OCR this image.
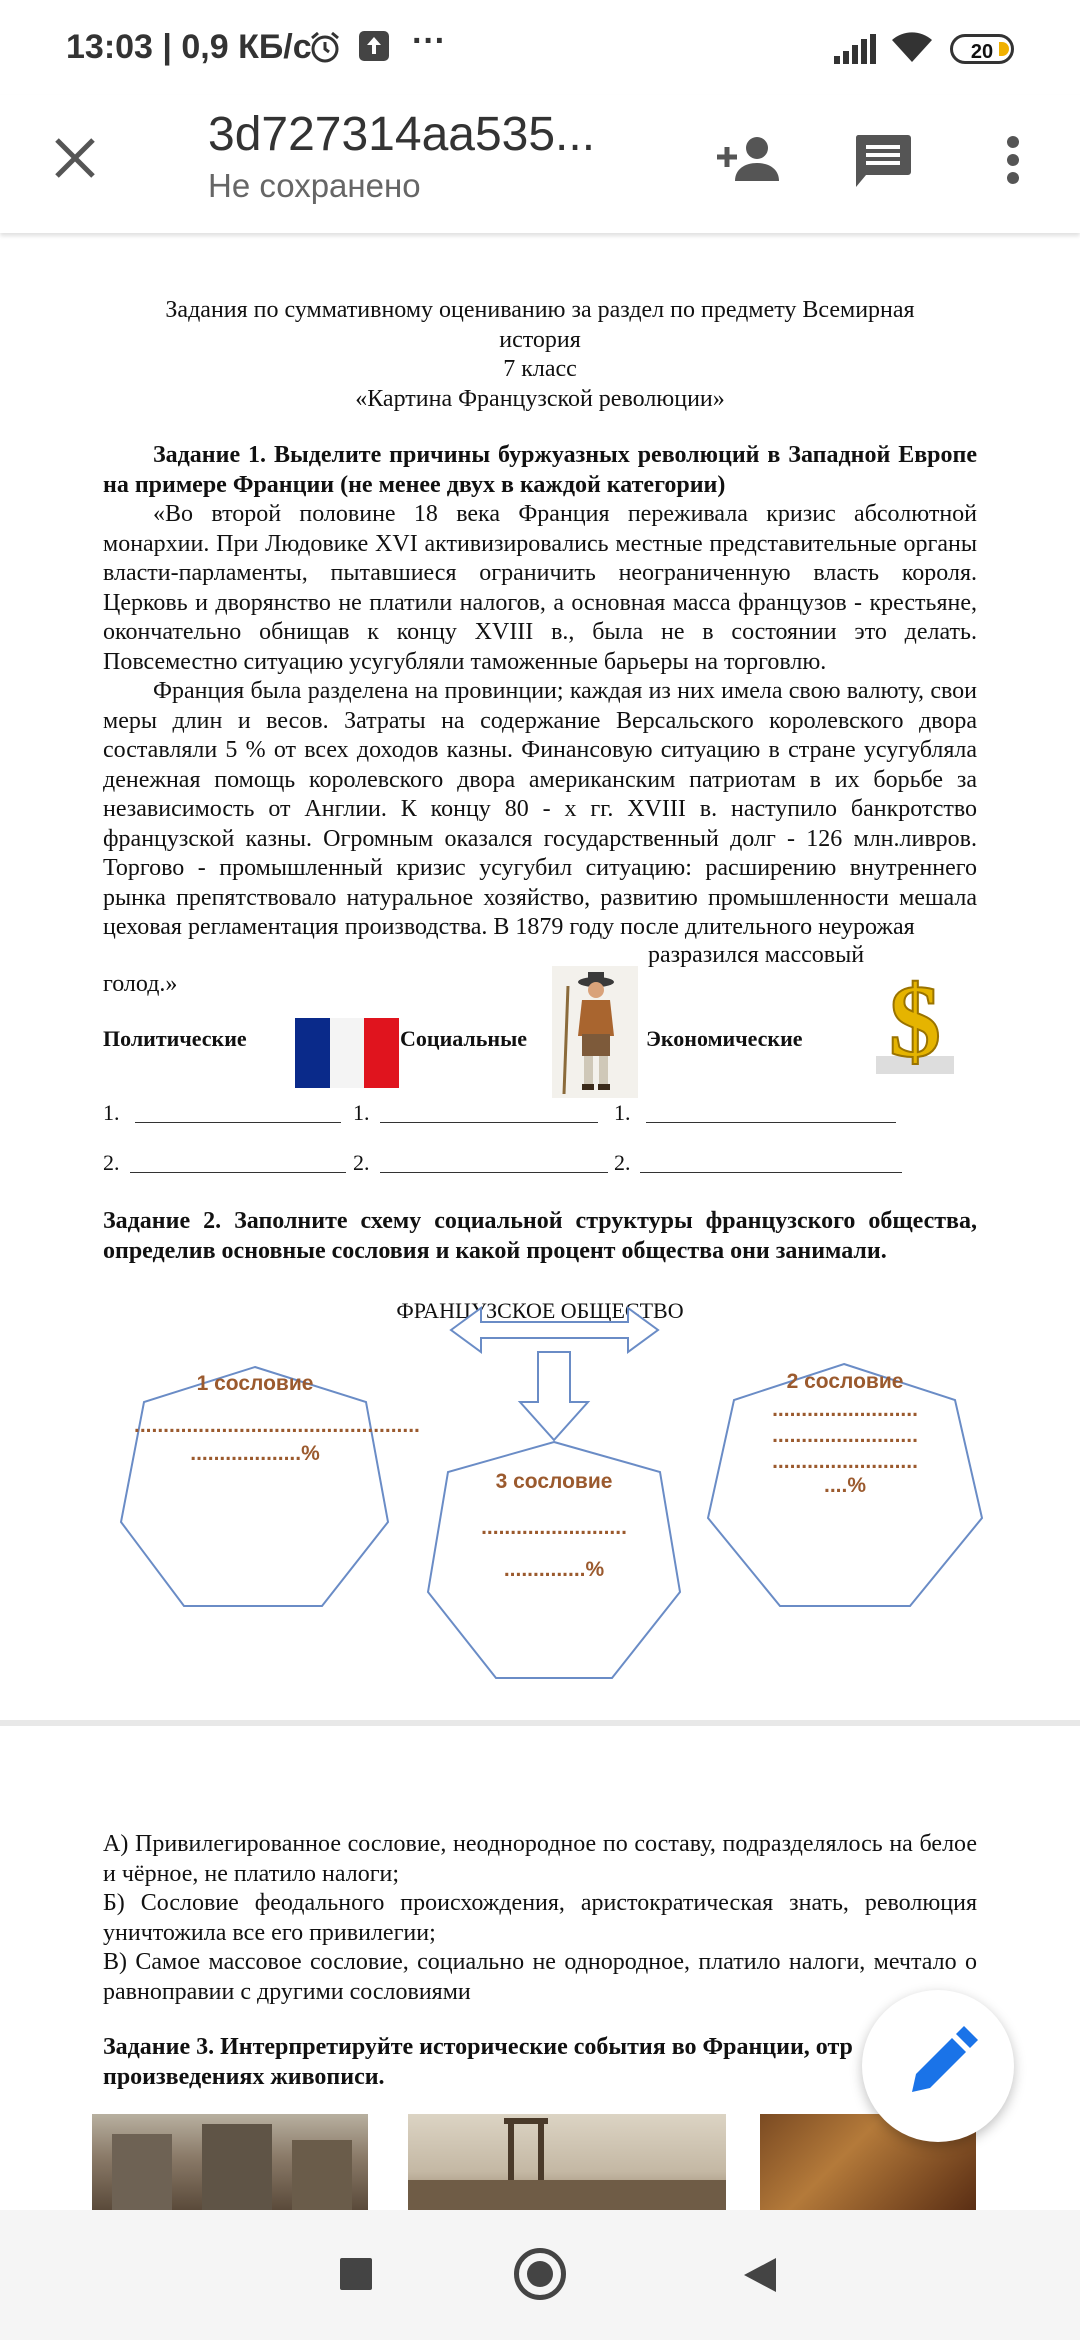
13:03 | 0,9 КБ/с	···	20
3d727314aa535...
Не сохранено
Задания по суммативному оцениванию за раздел по предмету Всемирная
история
7 класс
«Картина Французской революции»
Задание 1. Выделите причины буржуазных революций в Западной Европе на примере Франции (не менее двух в каждой категории)
«Во второй половине 18 века Франция переживала кризис абсолютной монархии. При Людовике XVI активизировались местные представительные органы власти-парламенты, пытавшиеся ограничить неограниченную власть короля. Церковь и дворянство не платили налогов, а основная масса французов - крестьяне, окончательно обнищав к концу XVIII в., была не в состоянии это делать. Повсеместно ситуацию усугубляли таможенные барьеры на торговлю.
Франция была разделена на провинции; каждая из них имела свою валюту, свои меры длин и весов. Затраты на содержание Версальского королевского двора составляли 5 % от всех доходов казны. Финансовую ситуацию в стране усугубляла денежная помощь королевского двора американским патриотам в их борьбе за независимость от Англии. К концу 80 - х гг. XVIII в. наступило банкротство французской казны. Огромным оказался государственный долг - 126 млн.ливров. Торгово - промышленный кризис усугубил ситуацию: расширению внутреннего рынка препятствовало натуральное хозяйство, развитию промышленности мешала цеховая регламентация производства. В 1879 году после длительного неурожая
разразился массовый
голод.»
Политические	Социальные	Экономические $
1.	1.	1.
2.	2.	2.
Задание 2. Заполните схему социальной структуры французского общества, определив основные сословия и какой процент общества они занимали.
ФРАНЦУЗСКОЕ ОБЩЕСТВО
1 сословие
.................................................
...................%
2 сословие
.........................
.........................
.........................
....%
3 сословие
.........................
..............%
А) Привилегированное сословие, неоднородное по составу, подразделялось на белое и чёрное, не платило налоги;
Б) Сословие феодального происхождения, аристократическая знать, революция уничтожила все его привилегии;
В) Самое массовое сословие, социально не однородное, платило налоги, мечтало о равноправии с другими сословиями
Задание 3. Интерпретируйте исторические события во Франции, отр произведениях живописи.
